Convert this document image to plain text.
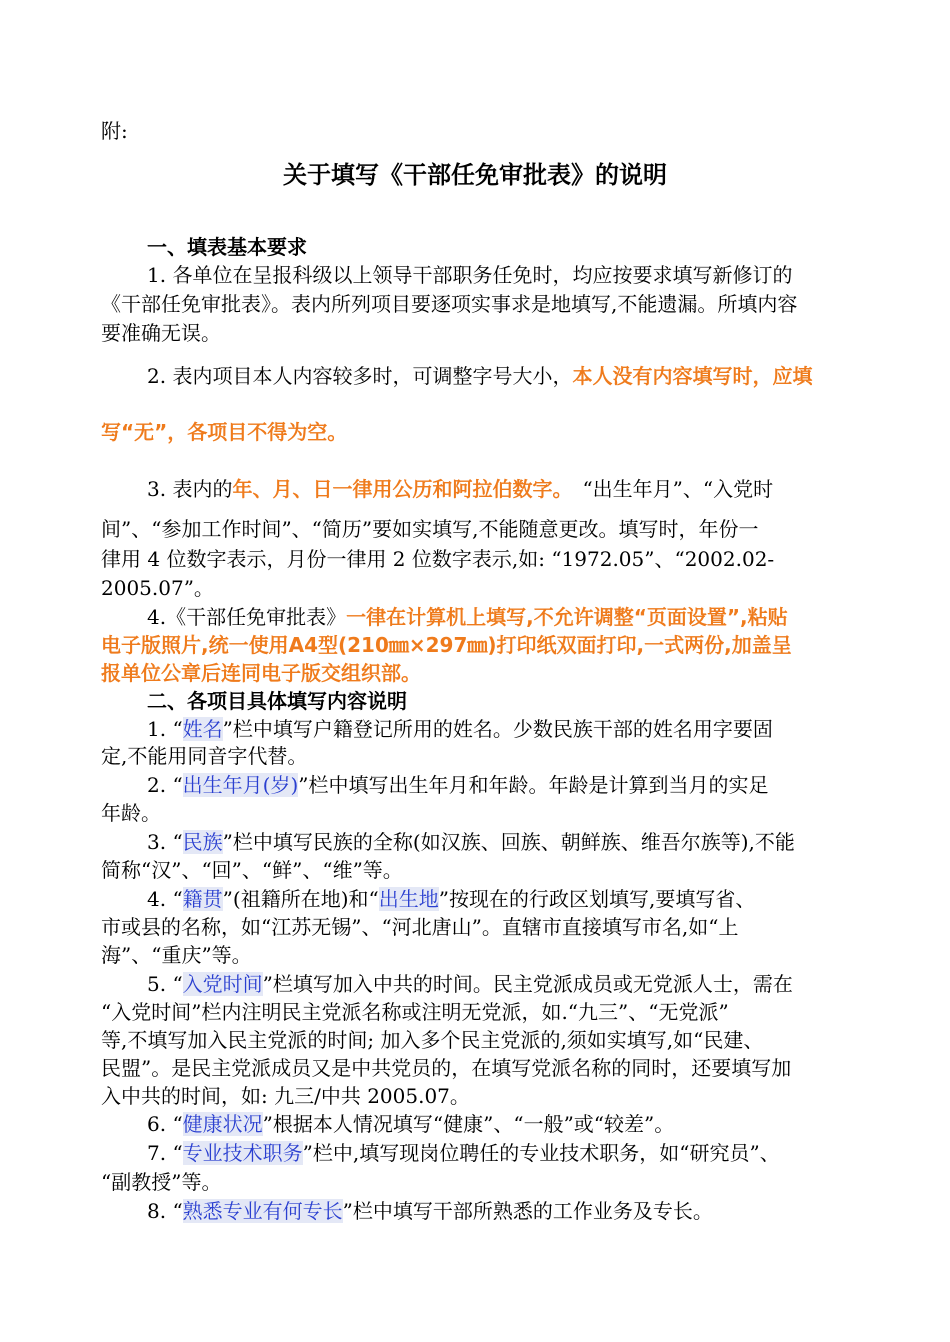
附:
关于填写《干部任免审批表》的说明
一、填表基本要求
1. 各单位在呈报科级以上领导干部职务任免时，均应按要求填写新修订的
《干部任免审批表》。表内所列项目要逐项实事求是地填写,不能遗漏。所填内容
要准确无误。
2. 表内项目本人内容较多时，可调整字号大小，本人没有内容填写时，应填
写“无”，各项目不得为空。
3. 表内的年、月、日一律用公历和阿拉伯数字。 “出生年月”、“入党时
间”、“参加工作时间”、“简历”要如实填写,不能随意更改。填写时，年份一
律用 4 位数字表示，月份一律用 2 位数字表示,如: “1972.05”、“2002.02-
2005.07”。
4.《干部任免审批表》一律在计算机上填写,不允许调整“页面设置”,粘贴
电子版照片,统一使用A4型(210㎜×297㎜)打印纸双面打印,一式两份,加盖呈
报单位公章后连同电子版交组织部。
二、各项目具体填写内容说明
1. “姓名”栏中填写户籍登记所用的姓名。少数民族干部的姓名用字要固
定,不能用同音字代替。
2. “出生年月(岁)”栏中填写出生年月和年龄。年龄是计算到当月的实足
年龄。
3. “民族”栏中填写民族的全称(如汉族、回族、朝鲜族、维吾尔族等),不能
简称“汉”、“回”、“鲜”、“维”等。
4. “籍贯”(祖籍所在地)和“出生地”按现在的行政区划填写,要填写省、
市或县的名称，如“江苏无锡”、“河北唐山”。直辖市直接填写市名,如“上
海”、“重庆”等。
5. “入党时间”栏填写加入中共的时间。民主党派成员或无党派人士，需在
“入党时间”栏内注明民主党派名称或注明无党派，如.“九三”、“无党派”
等,不填写加入民主党派的时间; 加入多个民主党派的,须如实填写,如“民建、
民盟”。是民主党派成员又是中共党员的，在填写党派名称的同时，还要填写加
入中共的时间，如: 九三/中共 2005.07。
6. “健康状况”根据本人情况填写“健康”、“一般”或“较差”。
7. “专业技术职务”栏中,填写现岗位聘任的专业技术职务，如“研究员”、
“副教授”等。
8. “熟悉专业有何专长”栏中填写干部所熟悉的工作业务及专长。
